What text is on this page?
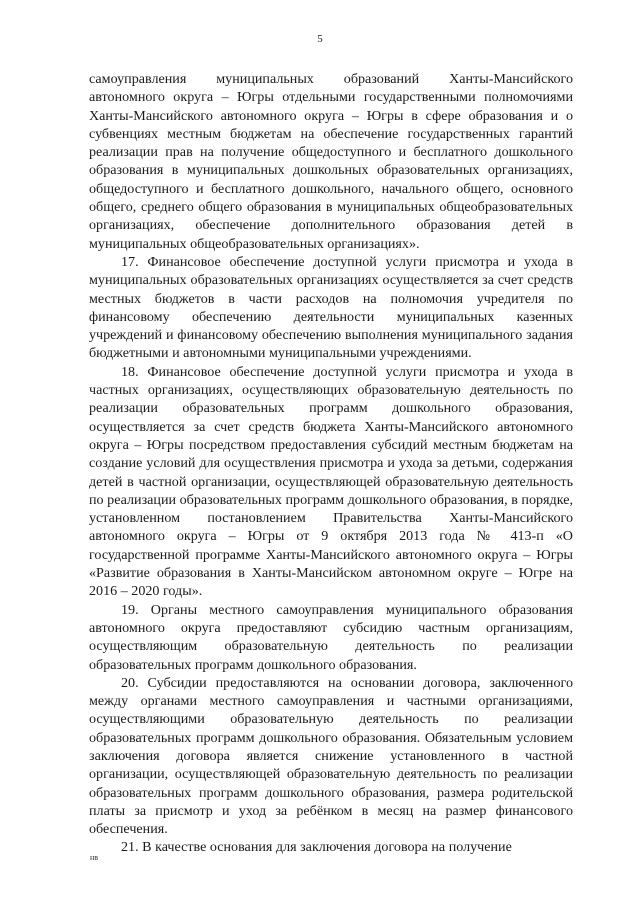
5

самоуправления муниципальных образований Ханты-Мансийского автономного округа – Югры отдельными государственными полномочиями Ханты-Мансийского автономного округа – Югры в сфере образования и о субвенциях местным бюджетам на обеспечение государственных гарантий реализации прав на получение общедоступного и бесплатного дошкольного образования в муниципальных дошкольных образовательных организациях, общедоступного и бесплатного дошкольного, начального общего, основного общего, среднего общего образования в муниципальных общеобразовательных организациях, обеспечение дополнительного образования детей в муниципальных общеобразовательных организациях».

17. Финансовое обеспечение доступной услуги присмотра и ухода в муниципальных образовательных организациях осуществляется за счет средств местных бюджетов в части расходов на полномочия учредителя по финансовому обеспечению деятельности муниципальных казенных учреждений и финансовому обеспечению выполнения муниципального задания бюджетными и автономными муниципальными учреждениями.

18. Финансовое обеспечение доступной услуги присмотра и ухода в частных организациях, осуществляющих образовательную деятельность по реализации образовательных программ дошкольного образования, осуществляется за счет средств бюджета Ханты-Мансийского автономного округа – Югры посредством предоставления субсидий местным бюджетам на создание условий для осуществления присмотра и ухода за детьми, содержания детей в частной организации, осуществляющей образовательную деятельность по реализации образовательных программ дошкольного образования, в порядке, установленном постановлением Правительства Ханты-Мансийского автономного округа – Югры от 9 октября 2013 года № 413-п «О государственной программе Ханты-Мансийского автономного округа – Югры «Развитие образования в Ханты-Мансийском автономном округе – Югре на 2016 – 2020 годы».

19. Органы местного самоуправления муниципального образования автономного округа предоставляют субсидию частным организациям, осуществляющим образовательную деятельность по реализации образовательных программ дошкольного образования.

20. Субсидии предоставляются на основании договора, заключенного между органами местного самоуправления и частными организациями, осуществляющими образовательную деятельность по реализации образовательных программ дошкольного образования. Обязательным условием заключения договора является снижение установленного в частной организации, осуществляющей образовательную деятельность по реализации образовательных программ дошкольного образования, размера родительской платы за присмотр и уход за ребёнком в месяц на размер финансового обеспечения.

21. В качестве основания для заключения договора на получение

нв
